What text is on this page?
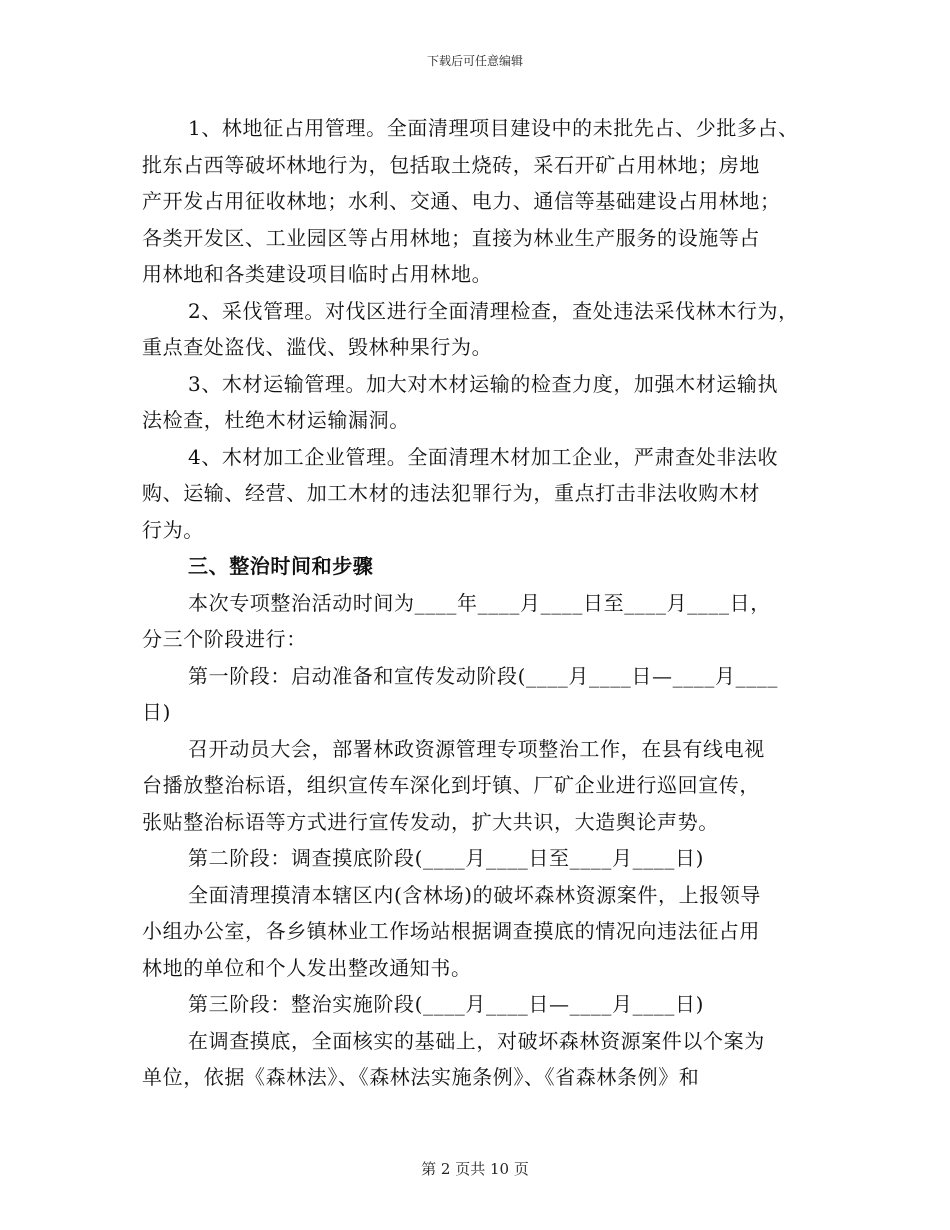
下载后可任意编辑
1、林地征占用管理。全面清理项目建设中的未批先占、少批多占、
批东占西等破坏林地行为，包括取土烧砖，采石开矿占用林地；房地
产开发占用征收林地；水利、交通、电力、通信等基础建设占用林地；
各类开发区、工业园区等占用林地；直接为林业生产服务的设施等占
用林地和各类建设项目临时占用林地。
2、采伐管理。对伐区进行全面清理检查，查处违法采伐林木行为，
重点查处盗伐、滥伐、毁林种果行为。
3、木材运输管理。加大对木材运输的检查力度，加强木材运输执
法检查，杜绝木材运输漏洞。
4、木材加工企业管理。全面清理木材加工企业，严肃查处非法收
购、运输、经营、加工木材的违法犯罪行为，重点打击非法收购木材
行为。
三、整治时间和步骤
本次专项整治活动时间为____年____月____日至____月____日，
分三个阶段进行：
第一阶段：启动准备和宣传发动阶段(____月____日—____月____
日)
召开动员大会，部署林政资源管理专项整治工作，在县有线电视
台播放整治标语，组织宣传车深化到圩镇、厂矿企业进行巡回宣传，
张贴整治标语等方式进行宣传发动，扩大共识，大造舆论声势。
第二阶段：调查摸底阶段(____月____日至____月____日)
全面清理摸清本辖区内(含林场)的破坏森林资源案件，上报领导
小组办公室，各乡镇林业工作场站根据调查摸底的情况向违法征占用
林地的单位和个人发出整改通知书。
第三阶段：整治实施阶段(____月____日—____月____日)
在调查摸底，全面核实的基础上，对破坏森林资源案件以个案为
单位，依据《森林法》、《森林法实施条例》、《省森林条例》和
第 2 页共 10 页
